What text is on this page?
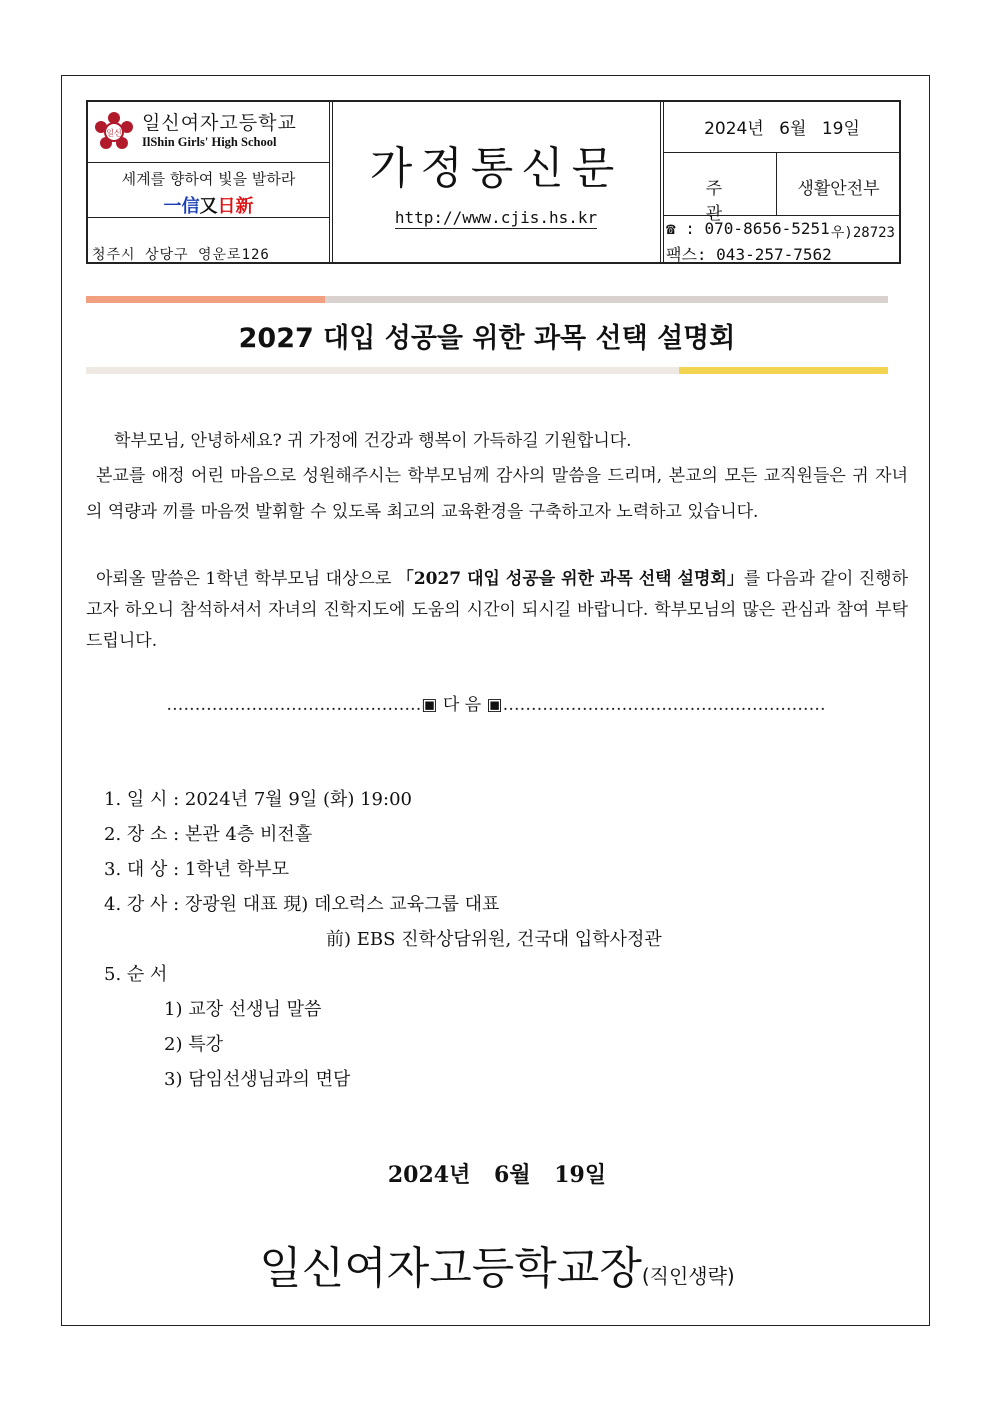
일신 일신여자고등학교
IlShin Girls' High School
세계를 향하여 빛을 발하라
一信又日新
우)28723
청주시 상당구 영운로126
가정통신문
http://www.cjis.hs.kr
2024년 6월 19일
주 관
생활안전부
☎ : 070-8656-5251
팩스: 043-257-7562
2027 대입 성공을 위한 과목 선택 설명회
학부모님, 안녕하세요? 귀 가정에 건강과 행복이 가득하길 기원합니다.
본교를 애정 어린 마음으로 성원해주시는 학부모님께 감사의 말씀을 드리며, 본교의 모든 교직원들은 귀 자녀의 역량과 끼를 마음껏 발휘할 수 있도록 최고의 교육환경을 구축하고자 노력하고 있습니다.
아뢰올 말씀은 1학년 학부모님 대상으로 「2027 대입 성공을 위한 과목 선택 설명회」를 다음과 같이 진행하고자 하오니 참석하셔서 자녀의 진학지도에 도움의 시간이 되시길 바랍니다. 학부모님의 많은 관심과 참여 부탁드립니다.
………………………………………▣ 다 음 ▣…………………………………………………
1. 일 시 : 2024년 7월 9일 (화) 19:00
2. 장 소 : 본관 4층 비전홀
3. 대 상 : 1학년 학부모
4. 강 사 : 장광원 대표 現) 데오럭스 교육그룹 대표
前) EBS 진학상담위원, 건국대 입학사정관
5. 순 서
1) 교장 선생님 말씀
2) 특강
3) 담임선생님과의 면담
2024년 6월 19일
일신여자고등학교장(직인생략)
